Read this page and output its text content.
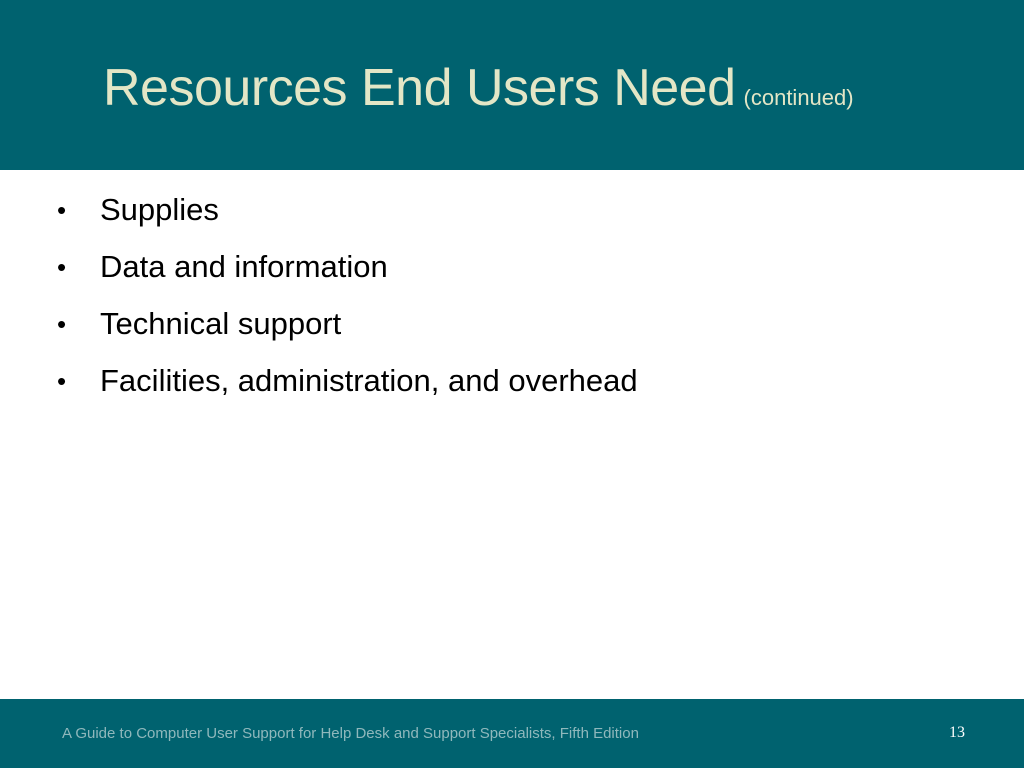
Resources End Users Need (continued)
• Supplies
• Data and information
• Technical support
• Facilities, administration, and overhead
A Guide to Computer User Support for Help Desk and Support Specialists, Fifth Edition	13
